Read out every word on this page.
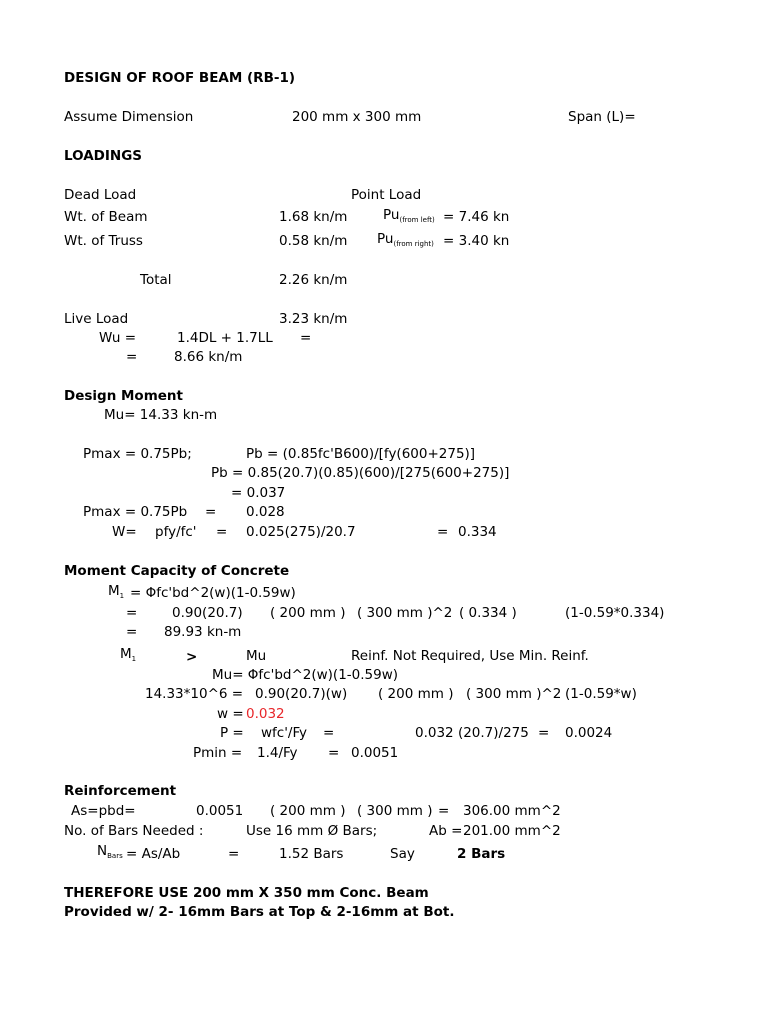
DESIGN OF ROOF BEAM (RB-1)
Assume Dimension	200 mm x 300 mm	Span (L)=
LOADINGS
Dead Load	Point Load
Wt. of Beam	1.68 kn/m	$Pu_{(from left)} = 7.46$ kn
Wt. of Truss	0.58 kn/m $Pu_{(from right)} = 3.40$ kn
Total	2.26 kn/m
Live Load	3.23 kn/m
Wu =	1.4DL + 1.7LL =
=	8.66 kn/m
Design Moment
Mu= 14.33 kn-m
Pmax = 0.75Pb;	Pb = (0.85fc'B600)/[fy(600+275)]
Pb = 0.85(20.7)(0.85)(600)/[275(600+275)]
= 0.037
Pmax = 0.75Pb = 0.028
W= pfy/fc' = 0.025(275)/20.7	= 0.334
Moment Capacity of Concrete
$M_1$ = Φfc'bd^2(w)(1-0.59w)
=	0.90(20.7) ( 200 mm ) ( 300 mm )^2 ( 0.334 )	(1-0.59*0.334)
= 89.93 kn-m
$M_1$	>	Mu	Reinf. Not Required, Use Min. Reinf.
Mu= Φfc'bd^2(w)(1-0.59w)
14.33*10^6 = 0.90(20.7)(w) ( 200 mm ) ( 300 mm )^2 (1-0.59*w)
w = 0.032
P = wfc'/Fy =	0.032 (20.7)/275 = 0.0024
Pmin = 1.4/Fy = 0.0051
Reinforcement
As=pbd=	0.0051 ( 200 mm ) ( 300 mm ) = 306.00 mm^2
No. of Bars Needed :	Use 16 mm Ø Bars;	Ab = 201.00 mm^2
$N_{Bars} = As/Ab$	=	1.52 Bars	Say	2 Bars
THEREFORE USE 200 mm X 350 mm Conc. Beam
Provided w/ 2- 16mm Bars at Top & 2-16mm at Bot.
